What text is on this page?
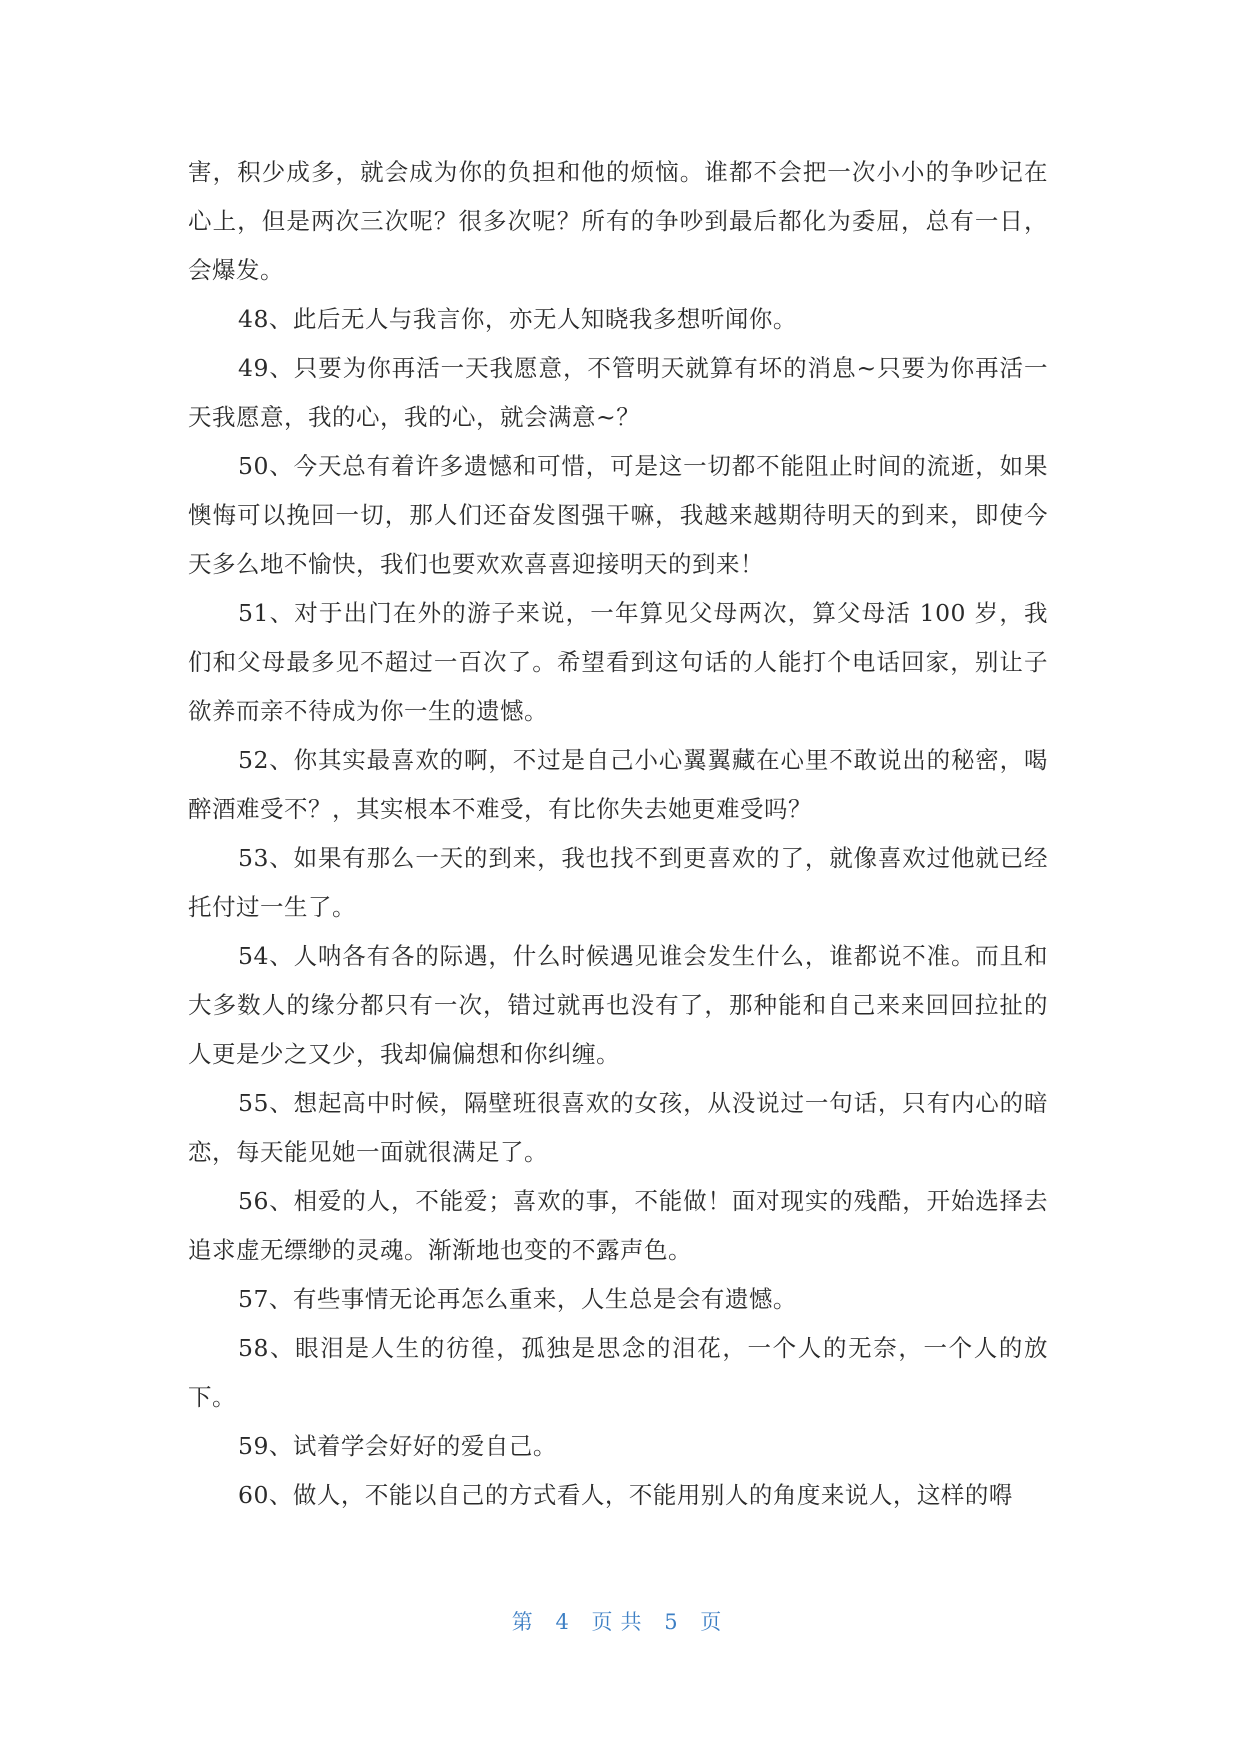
害，积少成多，就会成为你的负担和他的烦恼。谁都不会把一次小小的争吵记在心上，但是两次三次呢？很多次呢？所有的争吵到最后都化为委屈，总有一日，会爆发。

48、此后无人与我言你，亦无人知晓我多想听闻你。

49、只要为你再活一天我愿意，不管明天就算有坏的消息~只要为你再活一天我愿意，我的心，我的心，就会满意~？

50、今天总有着许多遗憾和可惜，可是这一切都不能阻止时间的流逝，如果懊悔可以挽回一切，那人们还奋发图强干嘛，我越来越期待明天的到来，即使今天多么地不愉快，我们也要欢欢喜喜迎接明天的到来！

51、对于出门在外的游子来说，一年算见父母两次，算父母活 100 岁，我们和父母最多见不超过一百次了。希望看到这句话的人能打个电话回家，别让子欲养而亲不待成为你一生的遗憾。

52、你其实最喜欢的啊，不过是自己小心翼翼藏在心里不敢说出的秘密，喝醉酒难受不？，其实根本不难受，有比你失去她更难受吗？

53、如果有那么一天的到来，我也找不到更喜欢的了，就像喜欢过他就已经托付过一生了。

54、人呐各有各的际遇，什么时候遇见谁会发生什么，谁都说不准。而且和大多数人的缘分都只有一次，错过就再也没有了，那种能和自己来来回回拉扯的人更是少之又少，我却偏偏想和你纠缠。

55、想起高中时候，隔壁班很喜欢的女孩，从没说过一句话，只有内心的暗恋，每天能见她一面就很满足了。

56、相爱的人，不能爱；喜欢的事，不能做！面对现实的残酷，开始选择去追求虚无缥缈的灵魂。渐渐地也变的不露声色。

57、有些事情无论再怎么重来，人生总是会有遗憾。

58、眼泪是人生的彷徨，孤独是思念的泪花，一个人的无奈，一个人的放下。

59、试着学会好好的爱自己。

60、做人，不能以自己的方式看人，不能用别人的角度来说人，这样的嘚

第 4 页共 5 页
